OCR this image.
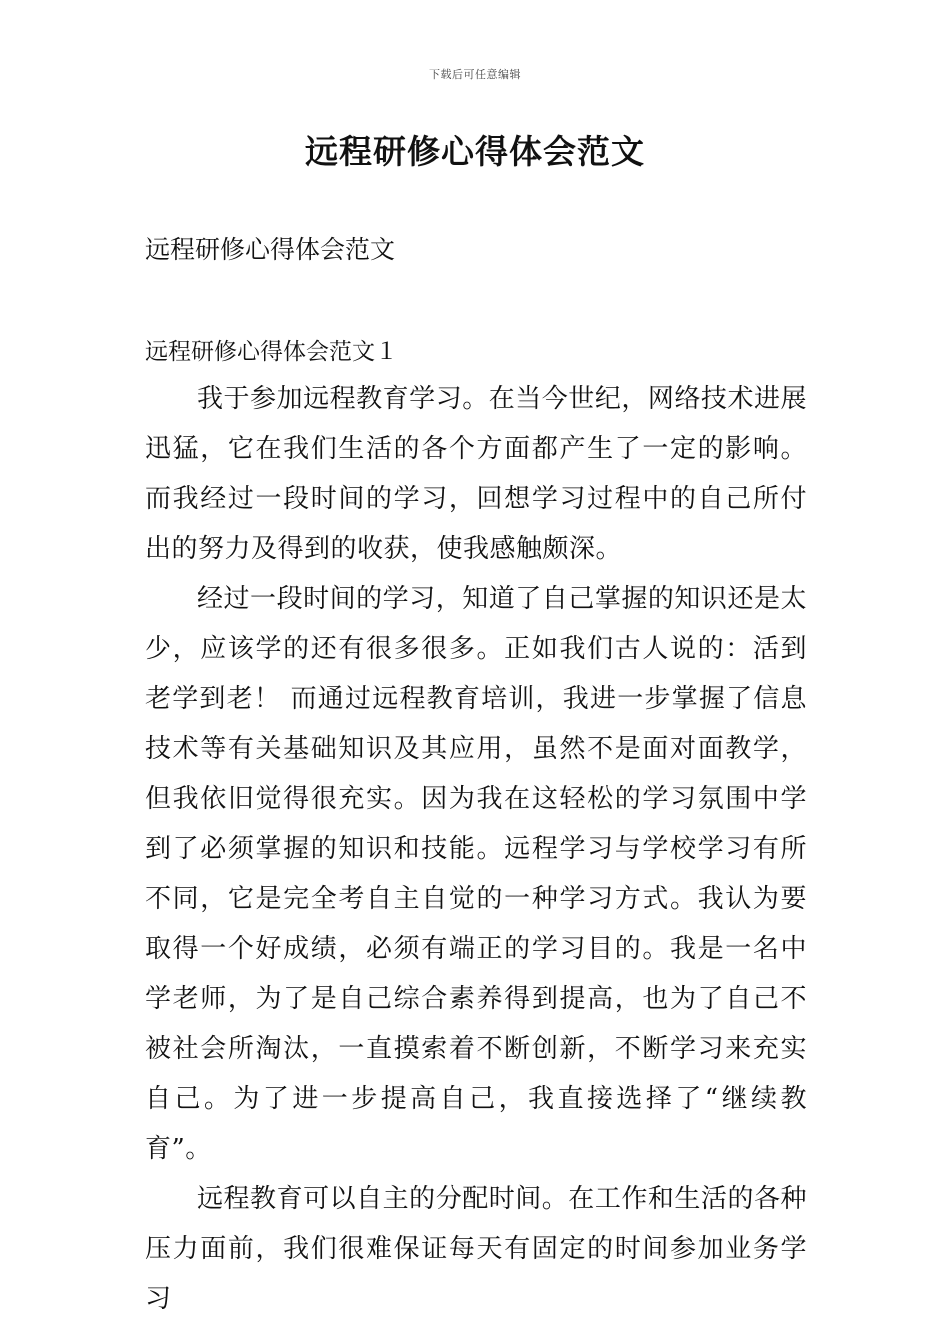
下载后可任意编辑
远程研修心得体会范文
远程研修心得体会范文
远程研修心得体会范文１

我于参加远程教育学习。在当今世纪，网络技术进展迅猛，它在我们生活的各个方面都产生了一定的影响。而我经过一段时间的学习，回想学习过程中的自己所付出的努力及得到的收获，使我感触颇深。

经过一段时间的学习，知道了自己掌握的知识还是太少，应该学的还有很多很多。正如我们古人说的：活到老学到老！ 而通过远程教育培训，我进一步掌握了信息技术等有关基础知识及其应用，虽然不是面对面教学，但我依旧觉得很充实。因为我在这轻松的学习氛围中学到了必须掌握的知识和技能。远程学习与学校学习有所不同，它是完全考自主自觉的一种学习方式。我认为要取得一个好成绩，必须有端正的学习目的。我是一名中学老师，为了是自己综合素养得到提高，也为了自己不被社会所淘汰，一直摸索着不断创新，不断学习来充实自己。为了进一步提高自己，我直接选择了“继续教育”。

远程教育可以自主的分配时间。在工作和生活的各种压力面前，我们很难保证每天有固定的时间参加业务学习
